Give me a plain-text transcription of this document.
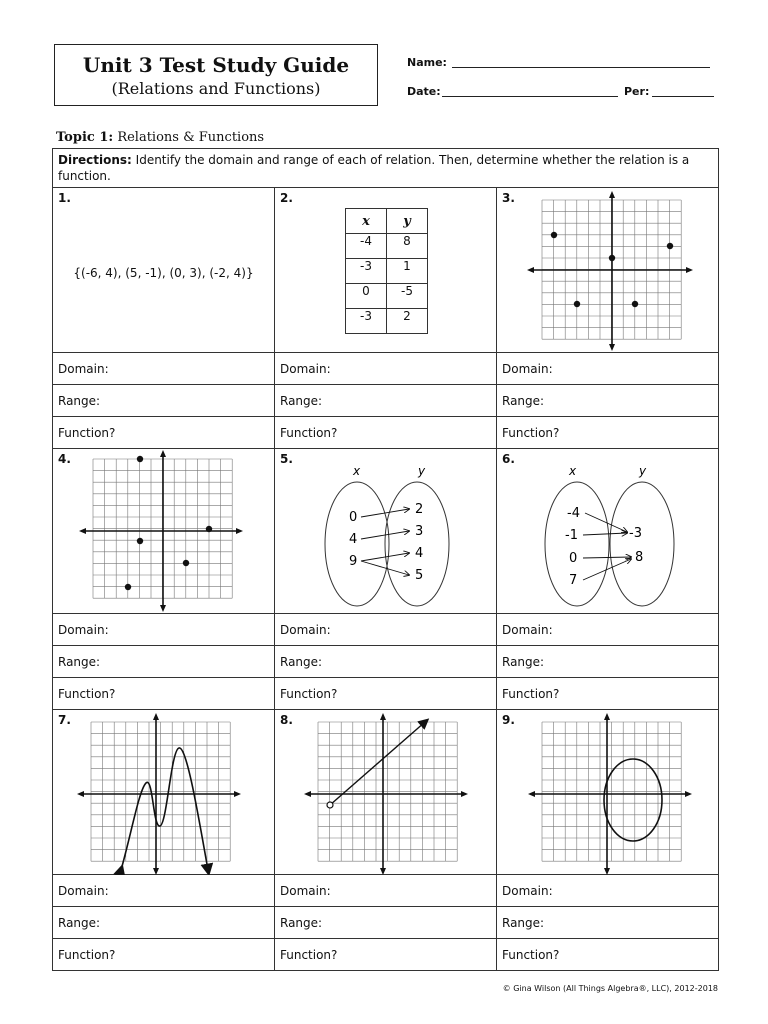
Unit 3 Test Study Guide
(Relations and Functions)
Name:
Date:	Per:
Topic 1: Relations & Functions
Directions: Identify the domain and range of each of relation. Then, determine whether the relation is a function.

1.
{(-6, 4), (5, -1), (0, 3), (-2, 4)}

2.
x	y
-4	8
-3	1
0	-5
-3	2

3.

Domain:	Domain:	Domain:
Range:	Range:	Range:
Function?	Function?	Function?

4.	5.
x	y
0
4
9
2
3
4
5

6.
x	y
-4
-1
0
7
-3
8

Domain:	Domain:	Domain:
Range:	Range:	Range:
Function?	Function?	Function?

7.	8.	9.

Domain:	Domain:	Domain:
Range:	Range:	Range:
Function?	Function?	Function?
© Gina Wilson (All Things Algebra®, LLC), 2012-2018
